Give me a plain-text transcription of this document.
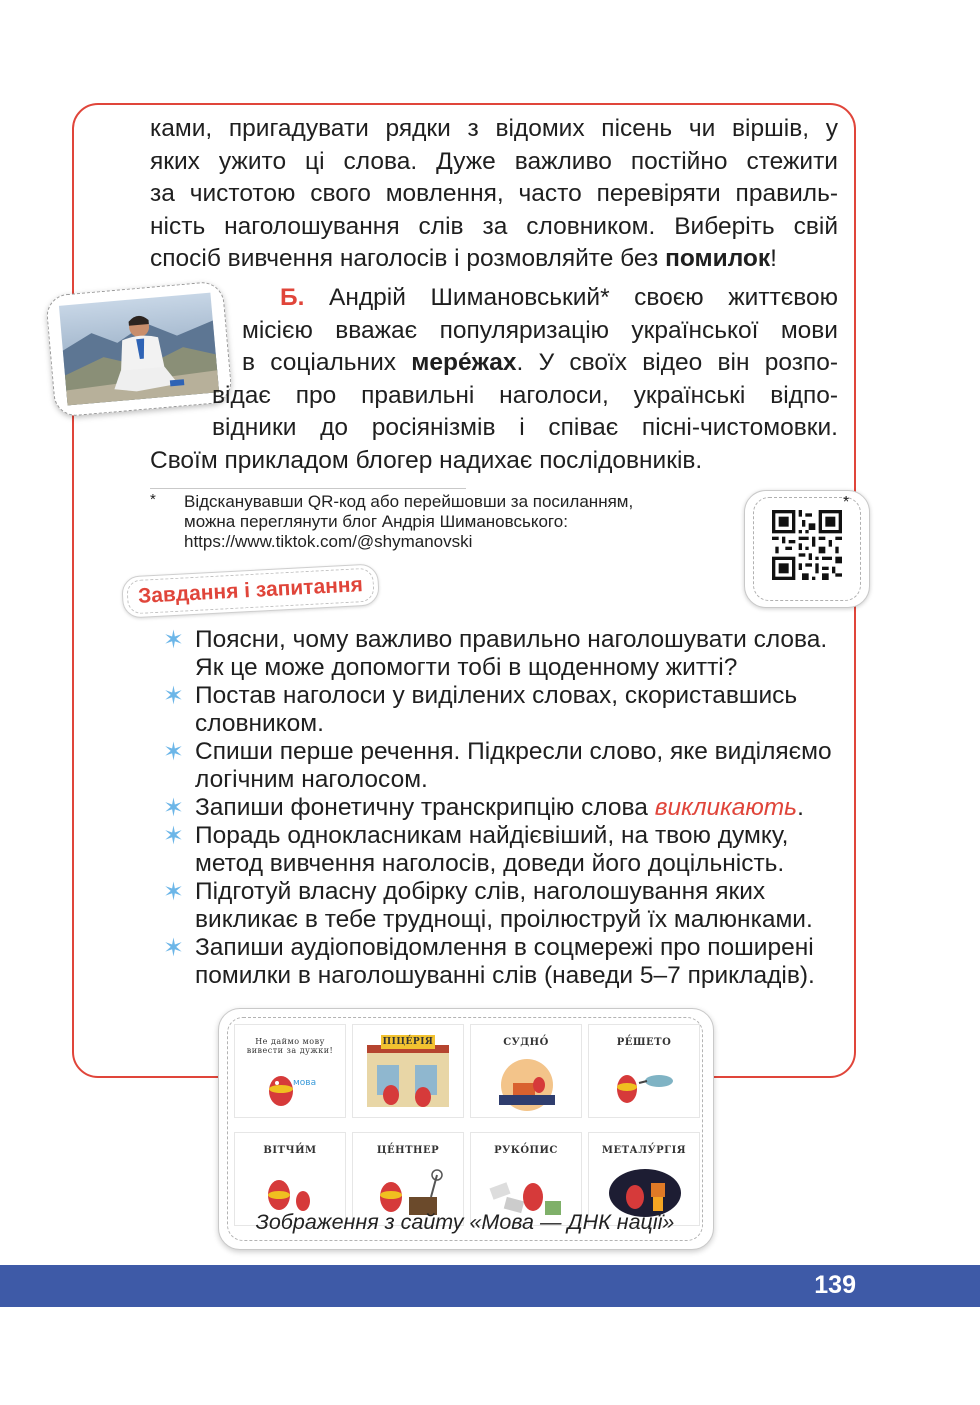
ками, пригадувати рядки з відомих пісень чи віршів, у
яких ужито ці слова. Дуже важливо постійно стежити
за чистотою свого мовлення, часто перевіряти правиль-
ність наголошування слів за словником. Виберіть свій
спосіб вивчення наголосів і розмовляйте без помилок!
Б. Андрій Шимановський* своєю життєвою
місією вважає популяризацію української мови
в соціальних мере́жах. У своїх відео він розпо-
відає про правильні наголоси, українські відпо-
відники до росіянізмів і співає пісні-чистомовки.
Своїм прикладом блогер надихає послідовників.
* Відсканувавши QR-код або перейшовши за посиланням,
можна переглянути блог Андрія Шимановського:
https://www.tiktok.com/@shymanovski

*
Завдання і запитання
✶ Поясни, чому важливо правильно наголошувати слова.
Як це може допомогти тобі в щоденному житті?
✶ Постав наголоси у виділених словах, скориставшись
словником.
✶ Спиши перше речення. Підкресли слово, яке виділяємо
логічним наголосом.
✶ Запиши фонетичну транскрипцію слова викликають.
✶ Порадь однокласникам найдієвіший, на твою думку,
метод вивчення наголосів, доведи його доцільність.
✶ Підготуй власну добірку слів, наголошування яких
викликає в тебе труднощі, проілюструй їх малюнками.
✶ Запиши аудіоповідомлення в соцмережі про поширені
помилки в наголошуванні слів (наведи 5–7 прикладів).
Не даймо мову вивести за дужки!
мова
ПІЦЕ́РІЯ	СУДНО́	РЕ́ШЕТО
ВІТЧИ́М	ЦЕ́НТНЕР	РУКО́ПИС	МЕТАЛУ́РГІЯ
Зображення з сайту «Мова — ДНК нації»
139
